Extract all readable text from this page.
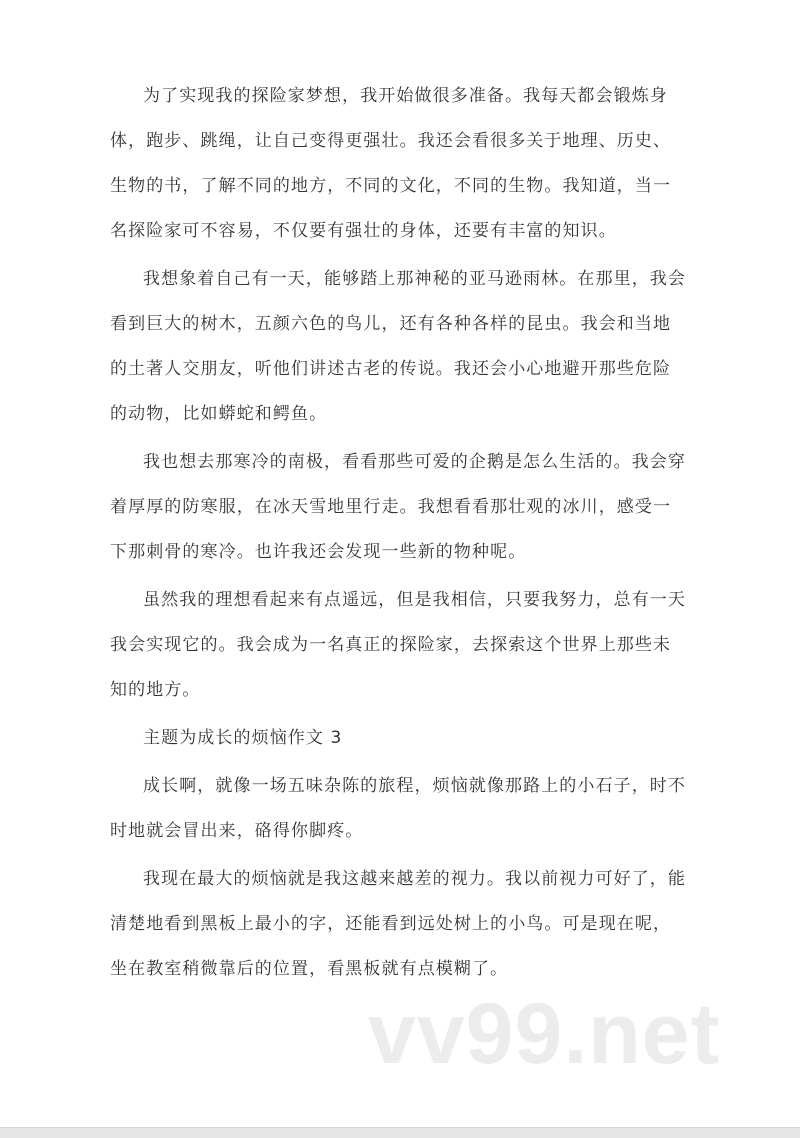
为了实现我的探险家梦想，我开始做很多准备。我每天都会锻炼身
体，跑步、跳绳，让自己变得更强壮。我还会看很多关于地理、历史、
生物的书，了解不同的地方，不同的文化，不同的生物。我知道，当一
名探险家可不容易，不仅要有强壮的身体，还要有丰富的知识。
我想象着自己有一天，能够踏上那神秘的亚马逊雨林。在那里，我会
看到巨大的树木，五颜六色的鸟儿，还有各种各样的昆虫。我会和当地
的土著人交朋友，听他们讲述古老的传说。我还会小心地避开那些危险
的动物，比如蟒蛇和鳄鱼。
我也想去那寒冷的南极，看看那些可爱的企鹅是怎么生活的。我会穿
着厚厚的防寒服，在冰天雪地里行走。我想看看那壮观的冰川，感受一
下那刺骨的寒冷。也许我还会发现一些新的物种呢。
虽然我的理想看起来有点遥远，但是我相信，只要我努力，总有一天
我会实现它的。我会成为一名真正的探险家，去探索这个世界上那些未
知的地方。
主题为成长的烦恼作文 3
成长啊，就像一场五味杂陈的旅程，烦恼就像那路上的小石子，时不
时地就会冒出来，硌得你脚疼。
我现在最大的烦恼就是我这越来越差的视力。我以前视力可好了，能
清楚地看到黑板上最小的字，还能看到远处树上的小鸟。可是现在呢，
坐在教室稍微靠后的位置，看黑板就有点模糊了。
vv99.net
